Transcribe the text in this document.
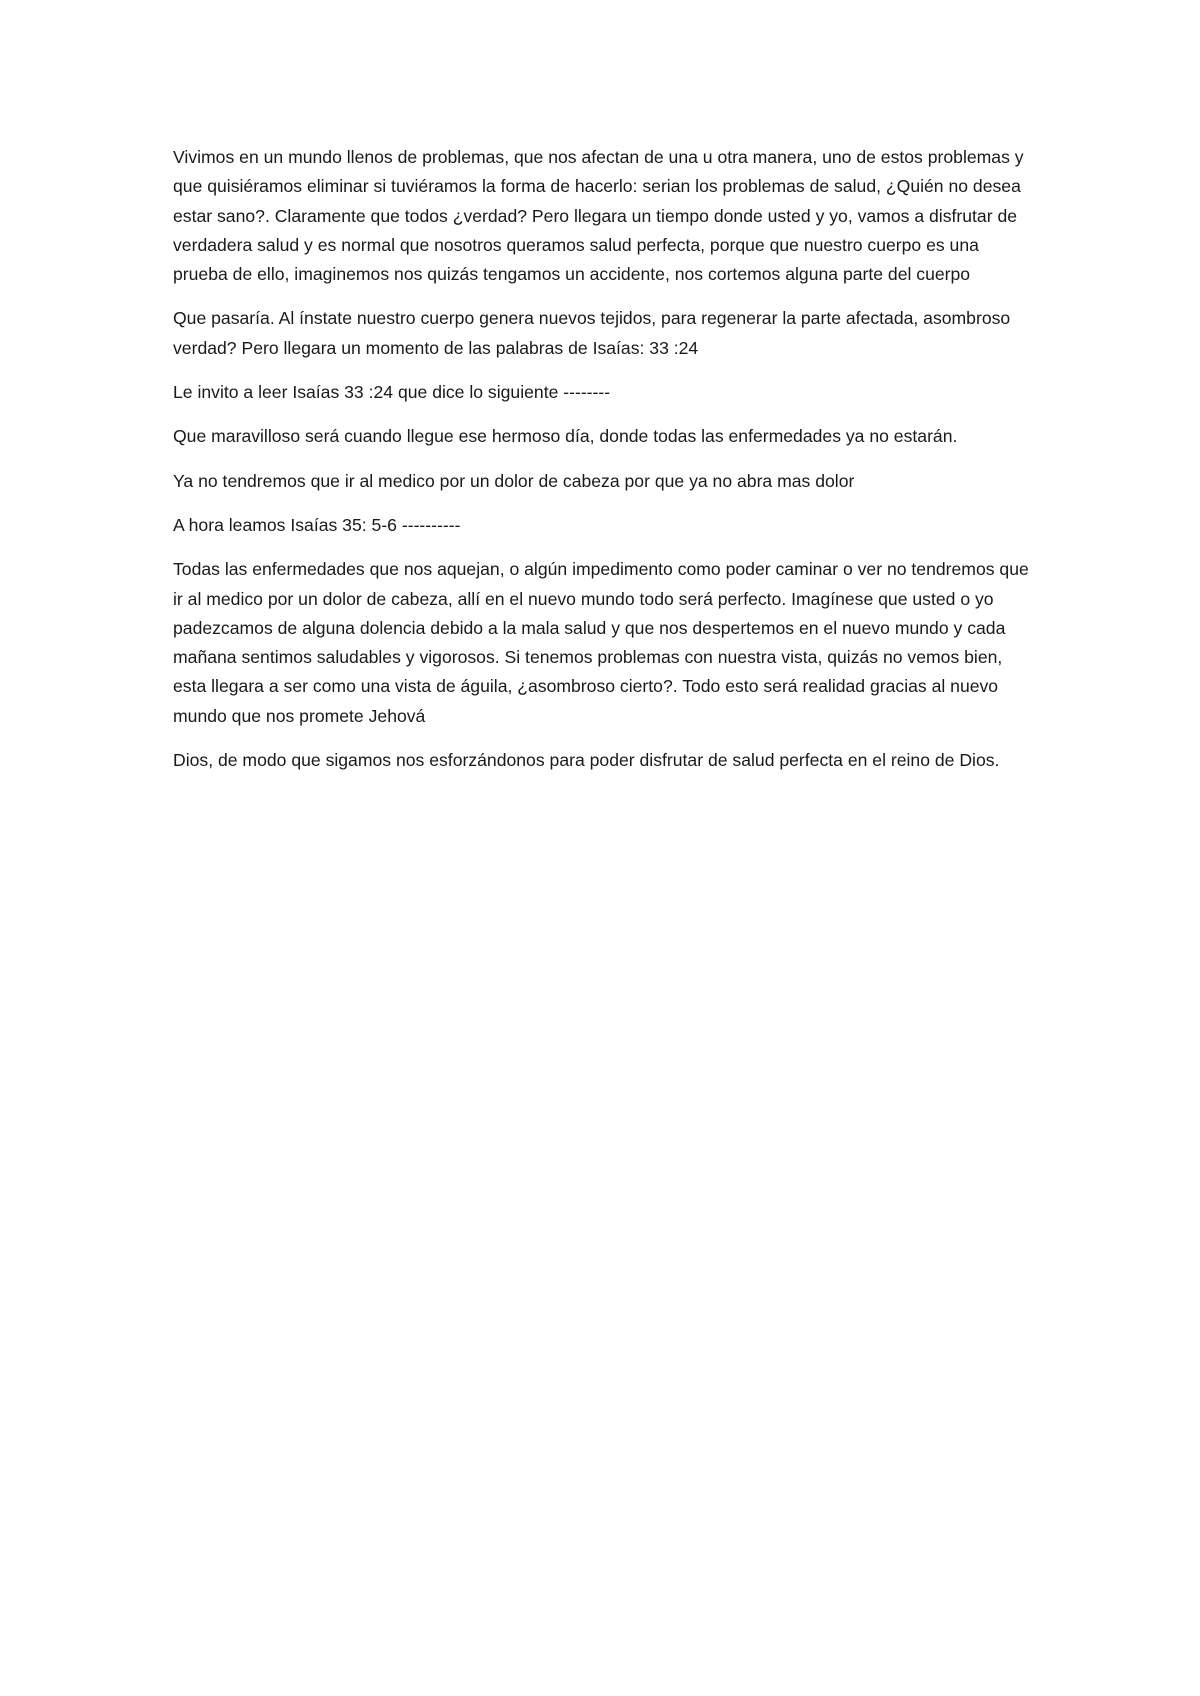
Vivimos en un mundo llenos de problemas, que nos afectan de una u otra manera, uno de estos problemas y que quisiéramos eliminar si tuviéramos la forma de hacerlo: serian los problemas de salud, ¿Quién no desea estar sano?. Claramente que todos ¿verdad? Pero llegara un tiempo donde usted y yo, vamos a disfrutar de verdadera salud y es normal que nosotros queramos salud perfecta, porque que nuestro cuerpo es una prueba de ello, imaginemos nos quizás tengamos un accidente, nos cortemos alguna parte del cuerpo

Que pasaría. Al ínstate nuestro cuerpo genera nuevos tejidos, para regenerar la parte afectada, asombroso verdad? Pero llegara un momento de las palabras de Isaías: 33 :24

Le invito a leer Isaías 33 :24 que dice lo siguiente --------

Que maravilloso será cuando llegue ese hermoso día, donde todas las enfermedades ya no estarán.

Ya no tendremos que ir al medico por un dolor de cabeza por que ya no abra mas dolor

A hora leamos Isaías 35: 5-6 ----------

Todas las enfermedades que nos aquejan, o algún impedimento como poder caminar o ver no tendremos que ir al medico por un dolor de cabeza, allí en el nuevo mundo todo será perfecto. Imagínese que usted o yo padezcamos de alguna dolencia debido a la mala salud y que nos despertemos en el nuevo mundo y cada mañana sentimos saludables y vigorosos. Si tenemos problemas con nuestra vista, quizás no vemos bien, esta llegara a ser como una vista de águila, ¿asombroso cierto?. Todo esto será realidad gracias al nuevo mundo que nos promete Jehová

Dios, de modo que sigamos nos esforzándonos para poder disfrutar de salud perfecta en el reino de Dios.
